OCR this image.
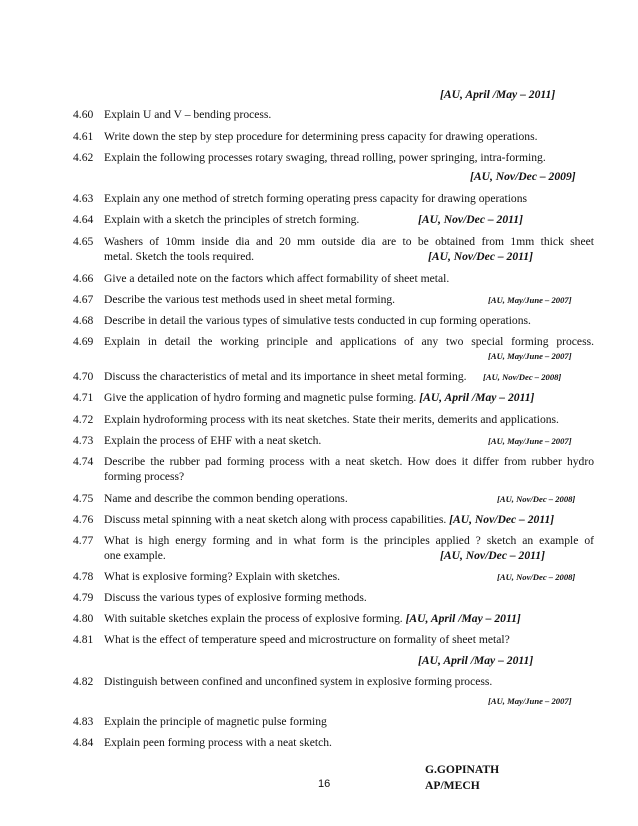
[AU, April /May – 2011]
4.60 Explain U and V – bending process.
4.61 Write down the step by step procedure for determining press capacity for drawing operations.
4.62 Explain the following processes rotary swaging, thread rolling, power springing, intra-forming.
[AU, Nov/Dec – 2009]
4.63 Explain any one method of stretch forming operating press capacity for drawing operations
4.64 Explain with a sketch the principles of stretch forming.	[AU, Nov/Dec – 2011]
4.65 Washers of 10mm inside dia and 20 mm outside dia are to be obtained from 1mm thick sheet
metal. Sketch the tools required.	[AU, Nov/Dec – 2011]
4.66 Give a detailed note on the factors which affect formability of sheet metal.
4.67 Describe the various test methods used in sheet metal forming.	[AU, May/June – 2007]
4.68 Describe in detail the various types of simulative tests conducted in cup forming operations.
4.69 Explain in detail the working principle and applications of any two special forming process.
[AU, May/June – 2007]
4.70 Discuss the characteristics of metal and its importance in sheet metal forming. [AU, Nov/Dec – 2008]
4.71 Give the application of hydro forming and magnetic pulse forming. [AU, April /May – 2011]
4.72 Explain hydroforming process with its neat sketches. State their merits, demerits and applications.
4.73 Explain the process of EHF with a neat sketch.	[AU, May/June – 2007]
4.74 Describe the rubber pad forming process with a neat sketch. How does it differ from rubber hydro
forming process?
4.75 Name and describe the common bending operations.	[AU, Nov/Dec – 2008]
4.76 Discuss metal spinning with a neat sketch along with process capabilities. [AU, Nov/Dec – 2011]
4.77 What is high energy forming and in what form is the principles applied ? sketch an example of
one example.	[AU, Nov/Dec – 2011]
4.78 What is explosive forming? Explain with sketches.	[AU, Nov/Dec – 2008]
4.79 Discuss the various types of explosive forming methods.
4.80 With suitable sketches explain the process of explosive forming. [AU, April /May – 2011]
4.81 What is the effect of temperature speed and microstructure on formality of sheet metal?
[AU, April /May – 2011]
4.82 Distinguish between confined and unconfined system in explosive forming process.
[AU, May/June – 2007]
4.83 Explain the principle of magnetic pulse forming
4.84 Explain peen forming process with a neat sketch.
G.GOPINATH
AP/MECH
16
